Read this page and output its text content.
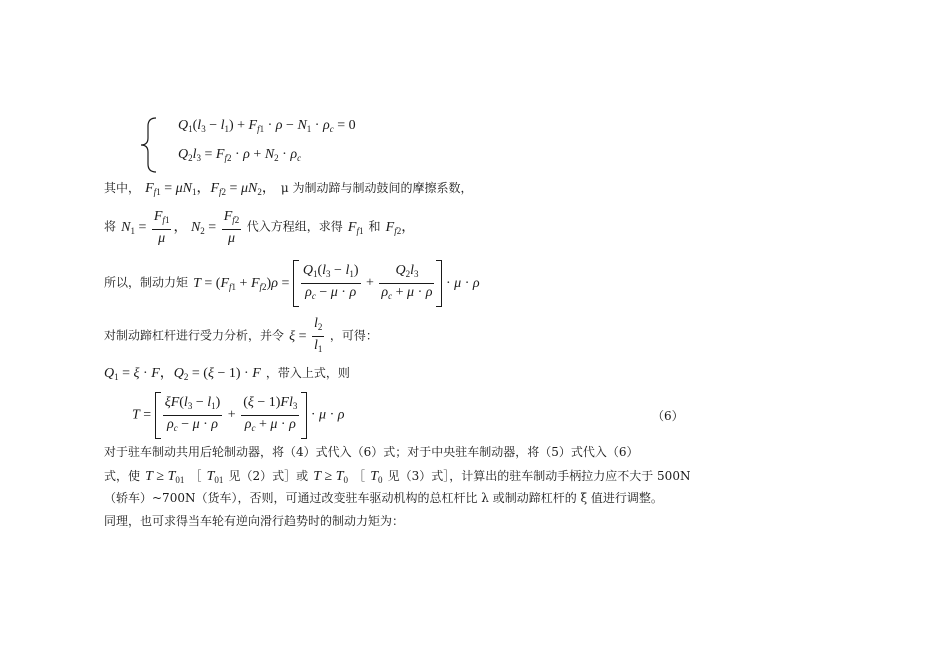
$Q_1(l_3 - l_1) + F_{f1} \cdot \rho - N_1 \cdot \rho_c = 0$
$Q_2l_3 = F_{f2} \cdot \rho + N_2 \cdot \rho_c$
其中， $F_{f1} = \mu N_1$，$F_{f2} = \mu N_2$， μ 为制动蹄与制动鼓间的摩擦系数，
将 $N_1 = \frac{F_{f1}}{\mu}$ ， $N_2 = \frac{F_{f2}}{\mu}$ 代入方程组，求得 $F_{f1}$ 和 $F_{f2}$，
所以，制动力矩 $T = (F_{f1} + F_{f2})\rho = \frac{Q_1(l_3 - l_1)}{\rho_c - \mu \cdot \rho} + \frac{Q_2l_3}{\rho_c + \mu \cdot \rho} \cdot \mu \cdot \rho$
对制动蹄杠杆进行受力分析，并令 $\xi = \frac{l_2}{l_1}$ ，可得：
$Q_1 = \xi \cdot F$，$Q_2 = (\xi - 1) \cdot F$ ，带入上式，则
$T = \frac{\xi F(l_3 - l_1)}{\rho_c - \mu \cdot \rho} + \frac{(\xi - 1)Fl_3}{\rho_c + \mu \cdot \rho} \cdot \mu \cdot \rho$	（6）
对于驻车制动共用后轮制动器，将（4）式代入（6）式；对于中央驻车制动器，将（5）式代入（6）
式，使 $T \ge T_{01}$ ［ $T_{01}$ 见（2）式］或 $T \ge T_0$ ［ $T_0$ 见（3）式］，计算出的驻车制动手柄拉力应不大于 500N
（轿车）~700N（货车），否则，可通过改变驻车驱动机构的总杠杆比 λ 或制动蹄杠杆的 ξ 值进行调整。
同理，也可求得当车轮有逆向滑行趋势时的制动力矩为：
